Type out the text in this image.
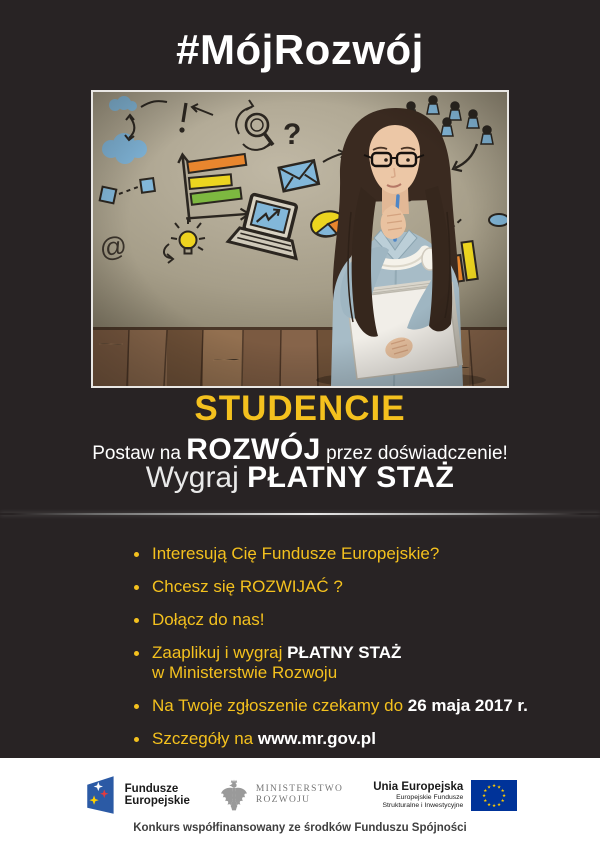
#MójRozwój
STUDENCIE
Postaw na ROZWÓJ przez doświadczenie!
Wygraj PŁATNY STAŻ
Interesują Cię Fundusze Europejskie?
Chcesz się ROZWIJAĆ ?
Dołącz do nas!
Zaaplikuj i wygraj PŁATNY STAŻ
w Ministerstwie Rozwoju
Na Twoje zgłoszenie czekamy do 26 maja 2017 r.
Szczegóły na www.mr.gov.pl
Fundusze
Europejskie
MINISTERSTWO
ROZWOJU
Unia Europejska
Europejskie Fundusze
Strukturalne i Inwestycyjne
★ ★
★
★
★
★
★
★
★
★
★
★
Konkurs współfinansowany ze środków Funduszu Spójności
